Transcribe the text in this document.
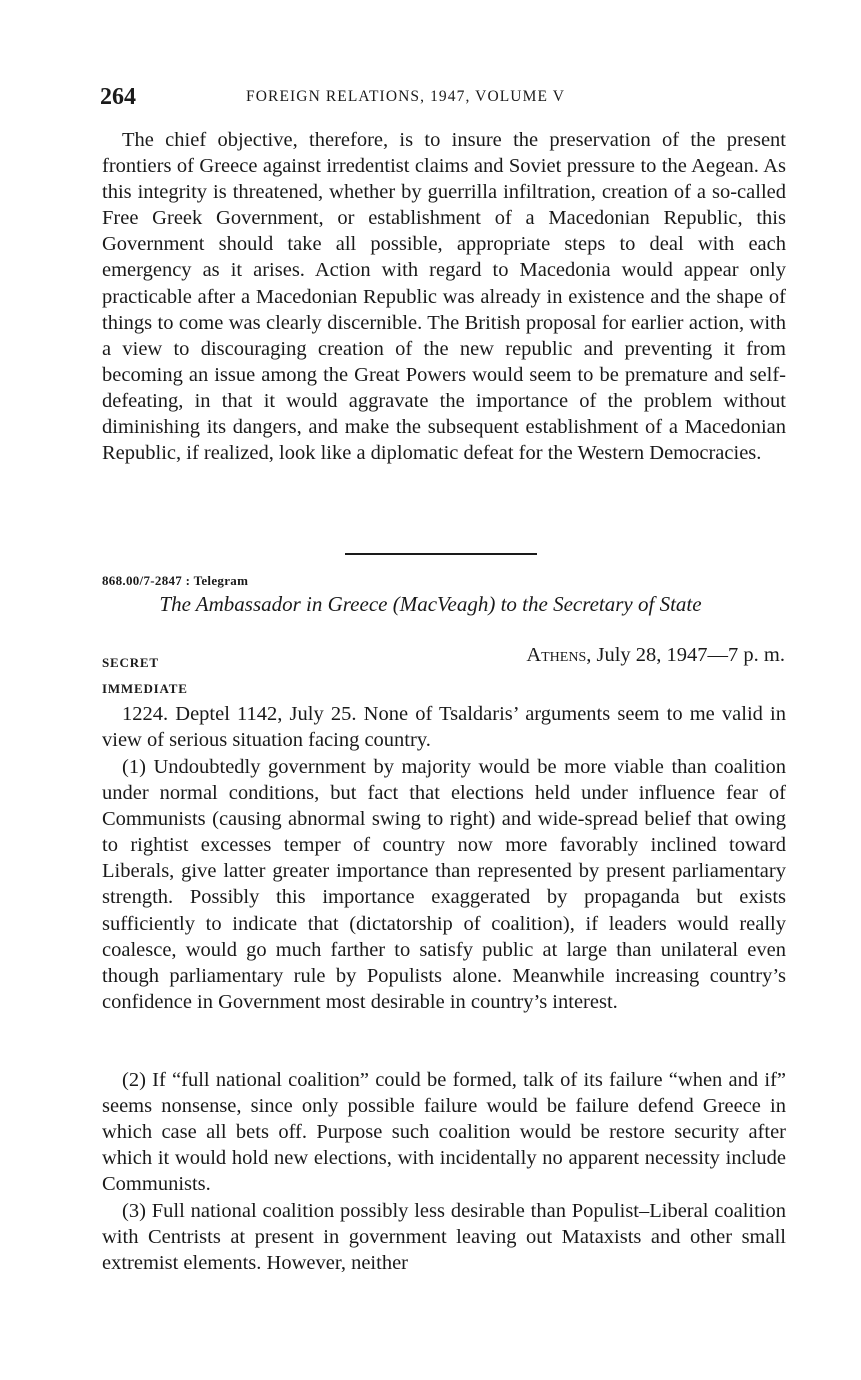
264	FOREIGN RELATIONS, 1947, VOLUME V

The chief objective, therefore, is to insure the preservation of the present frontiers of Greece against irredentist claims and Soviet pressure to the Aegean. As this integrity is threatened, whether by guerrilla infiltration, creation of a so-called Free Greek Government, or establishment of a Macedonian Republic, this Government should take all possible, appropriate steps to deal with each emergency as it arises. Action with regard to Macedonia would appear only practicable after a Macedonian Republic was already in existence and the shape of things to come was clearly discernible. The British proposal for earlier action, with a view to discouraging creation of the new republic and preventing it from becoming an issue among the Great Powers would seem to be premature and self-defeating, in that it would aggravate the importance of the problem without diminishing its dangers, and make the subsequent establishment of a Macedonian Republic, if realized, look like a diplomatic defeat for the Western Democracies.

868.00/7-2847 : Telegram
The Ambassador in Greece (MacVeagh) to the Secretary of State
SECRET
IMMEDIATE
Athens, July 28, 1947—7 p. m.

1224. Deptel 1142, July 25. None of Tsaldaris’ arguments seem to me valid in view of serious situation facing country.

(1) Undoubtedly government by majority would be more viable than coalition under normal conditions, but fact that elections held under influence fear of Communists (causing abnormal swing to right) and wide-spread belief that owing to rightist excesses temper of country now more favorably inclined toward Liberals, give latter greater importance than represented by present parliamentary strength. Possibly this importance exaggerated by propaganda but exists sufficiently to indicate that (dictatorship of coalition), if leaders would really coalesce, would go much farther to satisfy public at large than unilateral even though parliamentary rule by Populists alone. Meanwhile increasing country’s confidence in Government most desirable in country’s interest.

(2) If “full national coalition” could be formed, talk of its failure “when and if” seems nonsense, since only possible failure would be failure defend Greece in which case all bets off. Purpose such coalition would be restore security after which it would hold new elections, with incidentally no apparent necessity include Communists.

(3) Full national coalition possibly less desirable than Populist–Liberal coalition with Centrists at present in government leaving out Mataxists and other small extremist elements. However, neither
